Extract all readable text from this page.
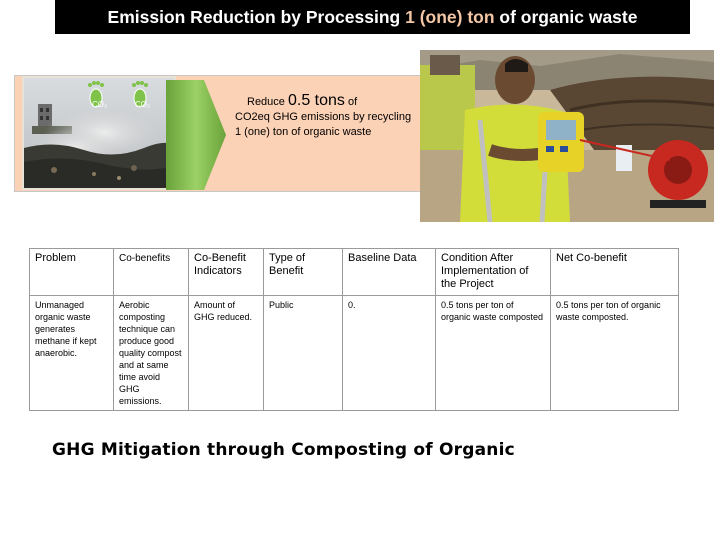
Emission Reduction by Processing 1 (one) ton of organic waste
CO₂	CO₂	Reduce 0.5 tons of
CO2eq GHG emissions by recycling 1 (one) ton of organic waste
Problem	Co-benefits	Co-Benefit Indicators	Type of Benefit	Baseline Data	Condition After Implementation of the Project	Net Co-benefit
Unmanaged organic waste generates methane if kept anaerobic.	Aerobic composting technique can produce good quality compost and at same time avoid GHG emissions.	Amount of GHG reduced.	Public	0.	0.5 tons per ton of organic waste composted	0.5 tons per ton of organic waste composted.
GHG Mitigation through Composting of Organic
